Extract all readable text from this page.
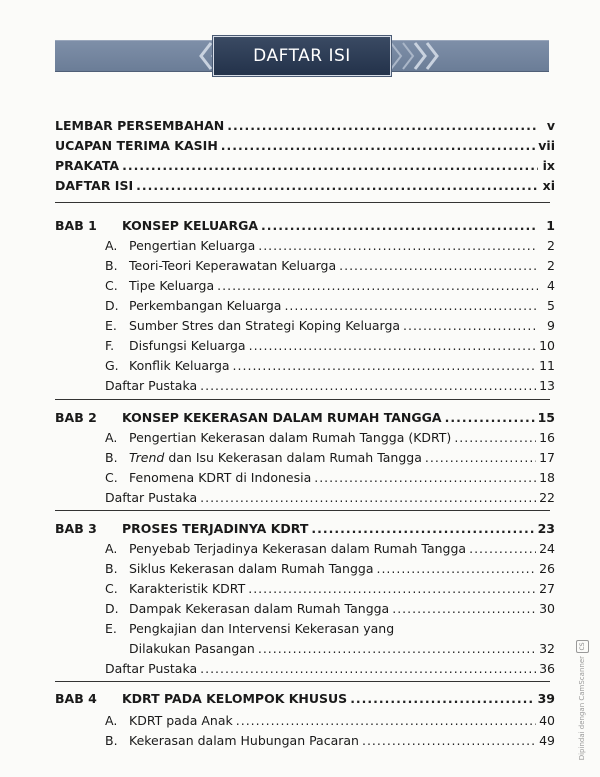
DAFTAR ISI
LEMBAR PERSEMBAHAN .....	v
UCAPAN TERIMA KASIH .....	vii
PRAKATA .....	ix
DAFTAR ISI .....	xi
BAB 1	KONSEP KELUARGA .....	1
A. Pengertian Keluarga .....	2
B. Teori-Teori Keperawatan Keluarga .....	2
C. Tipe Keluarga .....	4
D. Perkembangan Keluarga .....	5
E. Sumber Stres dan Strategi Koping Keluarga .....	9
F.	Disfungsi Keluarga .....	10
G. Konflik Keluarga .....	11
Daftar Pustaka .....	13
BAB 2	KONSEP KEKERASAN DALAM RUMAH TANGGA .....	15
A. Pengertian Kekerasan dalam Rumah Tangga (KDRT) .....	16
B. Trend dan Isu Kekerasan dalam Rumah Tangga .....	17
C. Fenomena KDRT di Indonesia .....	18
Daftar Pustaka .....	22
BAB 3	PROSES TERJADINYA KDRT .....	23
A. Penyebab Terjadinya Kekerasan dalam Rumah Tangga .....	24
B. Siklus Kekerasan dalam Rumah Tangga .....	26
C. Karakteristik KDRT .....	27
D. Dampak Kekerasan dalam Rumah Tangga .....	30
E. Pengkajian dan Intervensi Kekerasan yang
Dilakukan Pasangan .....	32
Daftar Pustaka .....	36
BAB 4	KDRT PADA KELOMPOK KHUSUS .....	39
A. KDRT pada Anak .....	40
B. Kekerasan dalam Hubungan Pacaran .....	49
CS
Dipindai dengan CamScanner
